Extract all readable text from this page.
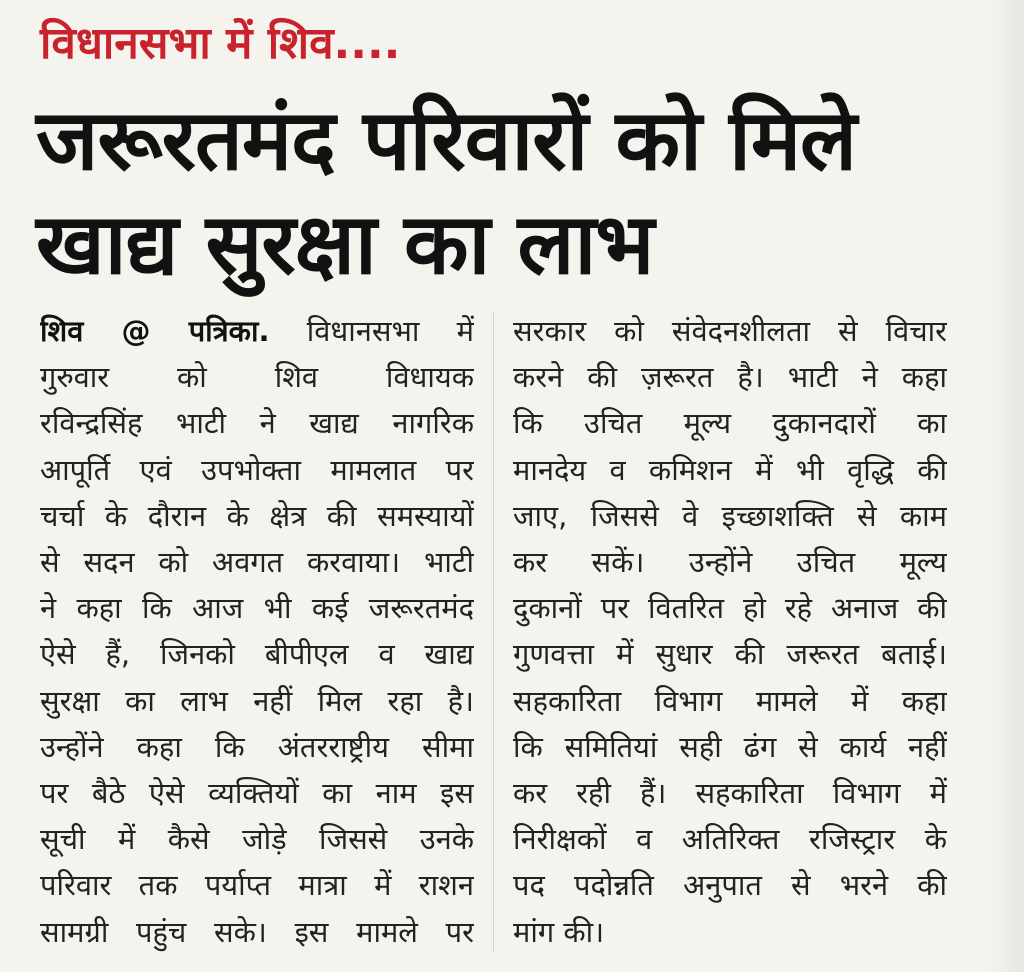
विधानसभा में शिव....
जरूरतमंद परिवारों को मिले
खाद्य सुरक्षा का लाभ
शिव @ पत्रिका. विधानसभा में
गुरुवार को शिव विधायक
रविन्द्रसिंह भाटी ने खाद्य नागरिक
आपूर्ति एवं उपभोक्ता मामलात पर
चर्चा के दौरान के क्षेत्र की समस्यायों
से सदन को अवगत करवाया। भाटी
ने कहा कि आज भी कई जरूरतमंद
ऐसे हैं, जिनको बीपीएल व खाद्य
सुरक्षा का लाभ नहीं मिल रहा है।
उन्होंने कहा कि अंतरराष्ट्रीय सीमा
पर बैठे ऐसे व्यक्तियों का नाम इस
सूची में कैसे जोड़े जिससे उनके
परिवार तक पर्याप्त मात्रा में राशन
सामग्री पहुंच सके। इस मामले पर
सरकार को संवेदनशीलता से विचार
करने की ज़रूरत है। भाटी ने कहा
कि उचित मूल्य दुकानदारों का
मानदेय व कमिशन में भी वृद्धि की
जाए, जिससे वे इच्छाशक्ति से काम
कर सकें। उन्होंने उचित मूल्य
दुकानों पर वितरित हो रहे अनाज की
गुणवत्ता में सुधार की जरूरत बताई।
सहकारिता विभाग मामले में कहा
कि समितियां सही ढंग से कार्य नहीं
कर रही हैं। सहकारिता विभाग में
निरीक्षकों व अतिरिक्त रजिस्ट्रार के
पद पदोन्नति अनुपात से भरने की
मांग की।
